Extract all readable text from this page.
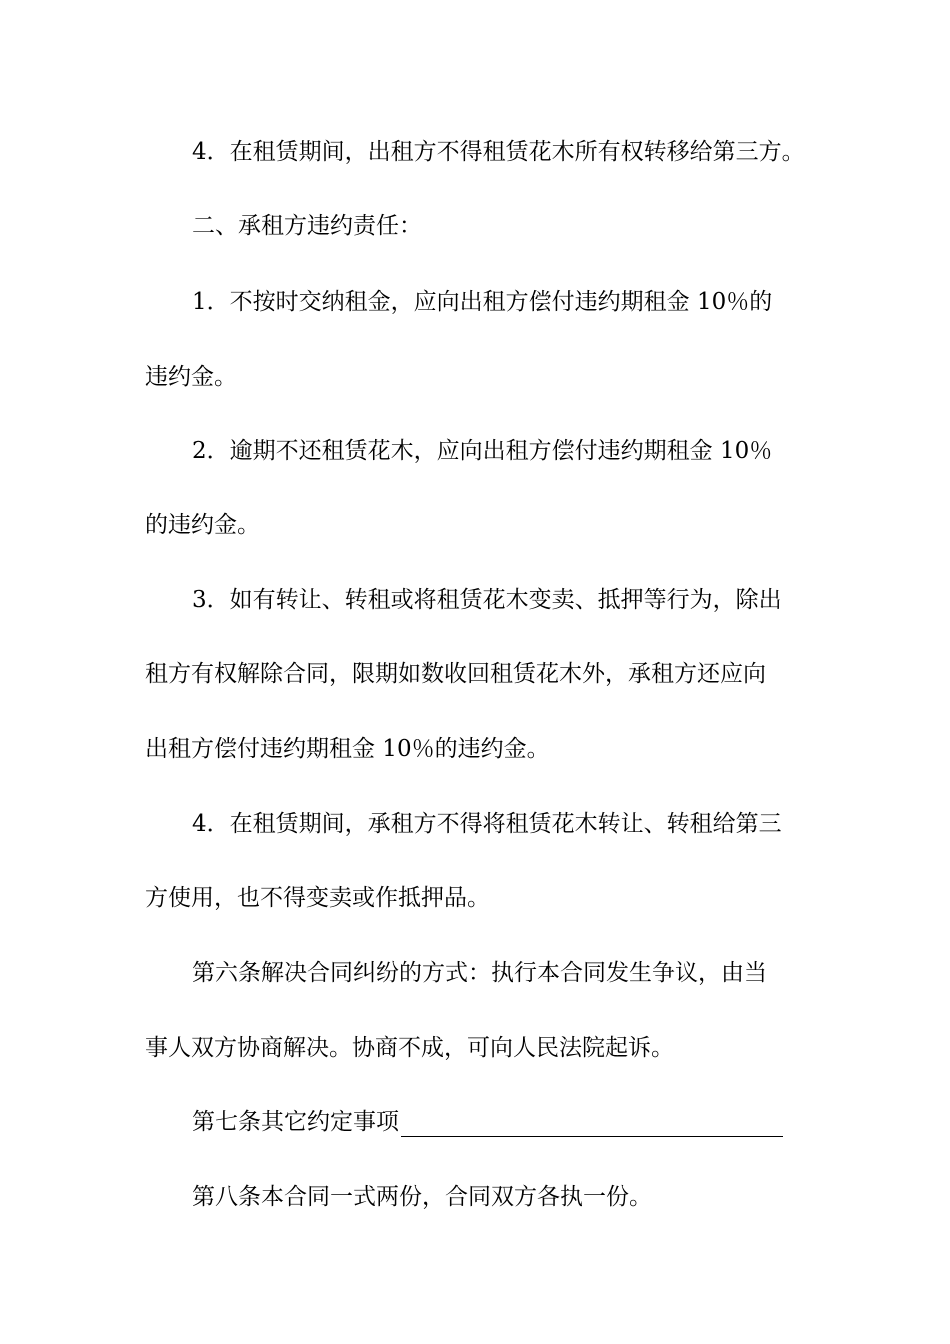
4．在租赁期间，出租方不得租赁花木所有权转移给第三方。
二、承租方违约责任：
1．不按时交纳租金，应向出租方偿付违约期租金 10％的
违约金。
2．逾期不还租赁花木，应向出租方偿付违约期租金 10％
的违约金。
3．如有转让、转租或将租赁花木变卖、抵押等行为，除出
租方有权解除合同，限期如数收回租赁花木外，承租方还应向
出租方偿付违约期租金 10％的违约金。
4．在租赁期间，承租方不得将租赁花木转让、转租给第三
方使用，也不得变卖或作抵押品。
第六条解决合同纠纷的方式：执行本合同发生争议，由当
事人双方协商解决。协商不成，可向人民法院起诉。
第七条其它约定事项
第八条本合同一式两份，合同双方各执一份。
